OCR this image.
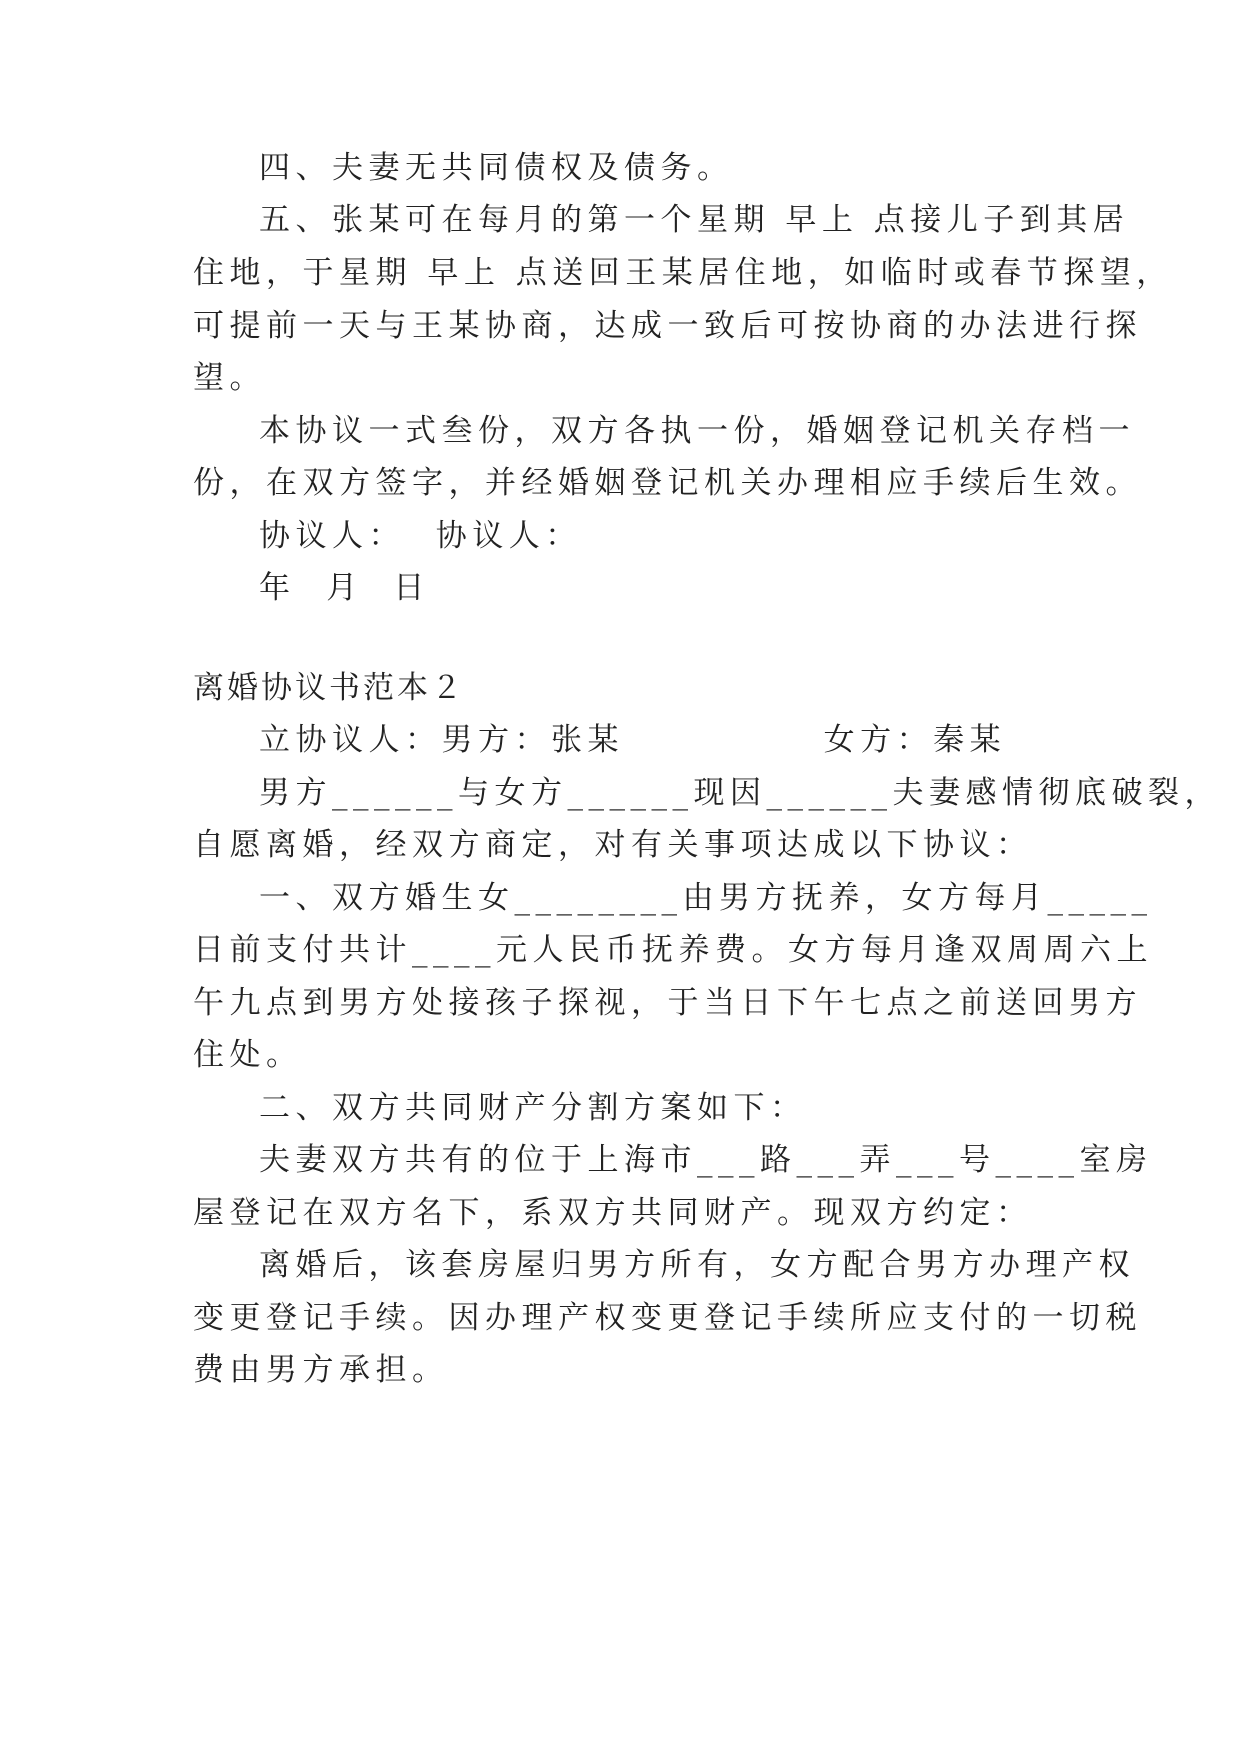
四、夫妻无共同债权及债务。
五、张某可在每月的第一个星期 早上 点接儿子到其居
住地，于星期 早上 点送回王某居住地，如临时或春节探望，
可提前一天与王某协商，达成一致后可按协商的办法进行探
望。
本协议一式叁份，双方各执一份，婚姻登记机关存档一
份，在双方签字，并经婚姻登记机关办理相应手续后生效。
协议人：  协议人：
年  月  日
离婚协议书范本２
立协议人：男方：张某             女方：秦某
男方______与女方______现因______夫妻感情彻底破裂，
自愿离婚，经双方商定，对有关事项达成以下协议：
一、双方婚生女________由男方抚养，女方每月_____
日前支付共计____元人民币抚养费。女方每月逢双周周六上
午九点到男方处接孩子探视，于当日下午七点之前送回男方
住处。
二、双方共同财产分割方案如下：
夫妻双方共有的位于上海市___路___弄___号____室房
屋登记在双方名下，系双方共同财产。现双方约定：
离婚后，该套房屋归男方所有，女方配合男方办理产权
变更登记手续。因办理产权变更登记手续所应支付的一切税
费由男方承担。
